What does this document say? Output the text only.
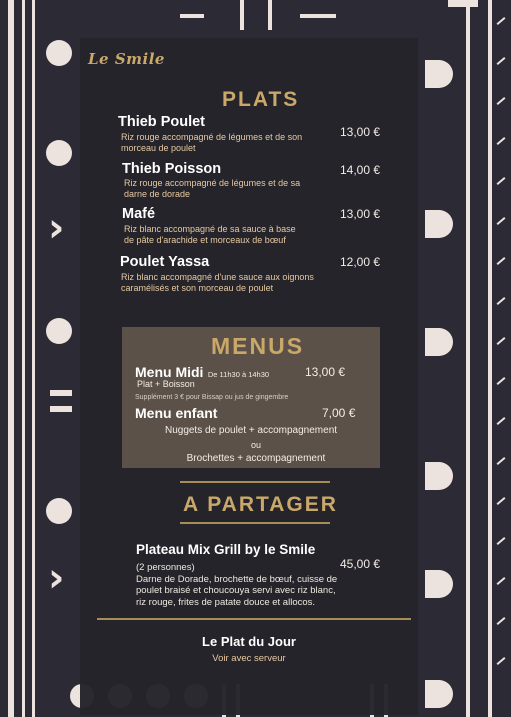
›
›
Le Smile
PLATS
Thieb Poulet
Riz rouge accompagné de légumes et de son
morceau de poulet
13,00 €
Thieb Poisson
Riz rouge accompagné de légumes et de sa
darne de dorade
14,00 €
Mafé
Riz blanc accompagné de sa sauce à base
de pâte d'arachide et morceaux de bœuf
13,00 €
Poulet Yassa
Riz blanc accompagné d'une sauce aux oignons
caramélisés et son morceau de poulet
12,00 €
MENUS
Menu Midi De 11h30 à 14h30	13,00 €
Plat + Boisson
Supplément 3 € pour Bissap ou jus de gingembre
Menu enfant	7,00 €
Nuggets de poulet + accompagnement
ou
Brochettes + accompagnement
A PARTAGER
Plateau Mix Grill by le Smile
45,00 €
(2 personnes)
Darne de Dorade, brochette de bœuf, cuisse de
poulet braisé et choucouya servi avec riz blanc,
riz rouge, frites de patate douce et allocos.
Le Plat du Jour
Voir avec serveur
